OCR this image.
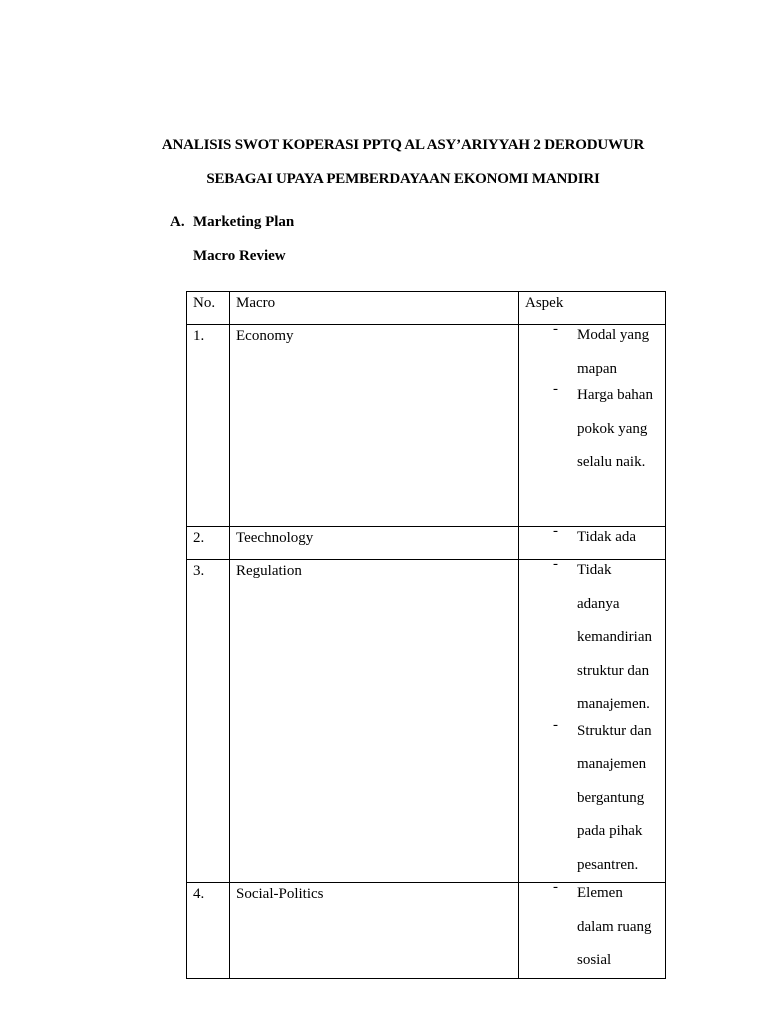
ANALISIS SWOT KOPERASI PPTQ AL ASY’ARIYYAH 2 DERODUWUR
SEBAGAI UPAYA PEMBERDAYAAN EKONOMI MANDIRI
A. Marketing Plan
Macro Review
No.	Macro	Aspek
1.	Economy	- Modal yang mapan
- Harga bahan pokok yang selalu naik.

2.	Teechnology	- Tidak ada

3.	Regulation	- Tidak adanya kemandirian struktur dan manajemen.
- Struktur dan manajemen bergantung pada pihak pesantren.

4.	Social-Politics	- Elemen dalam ruang sosial
